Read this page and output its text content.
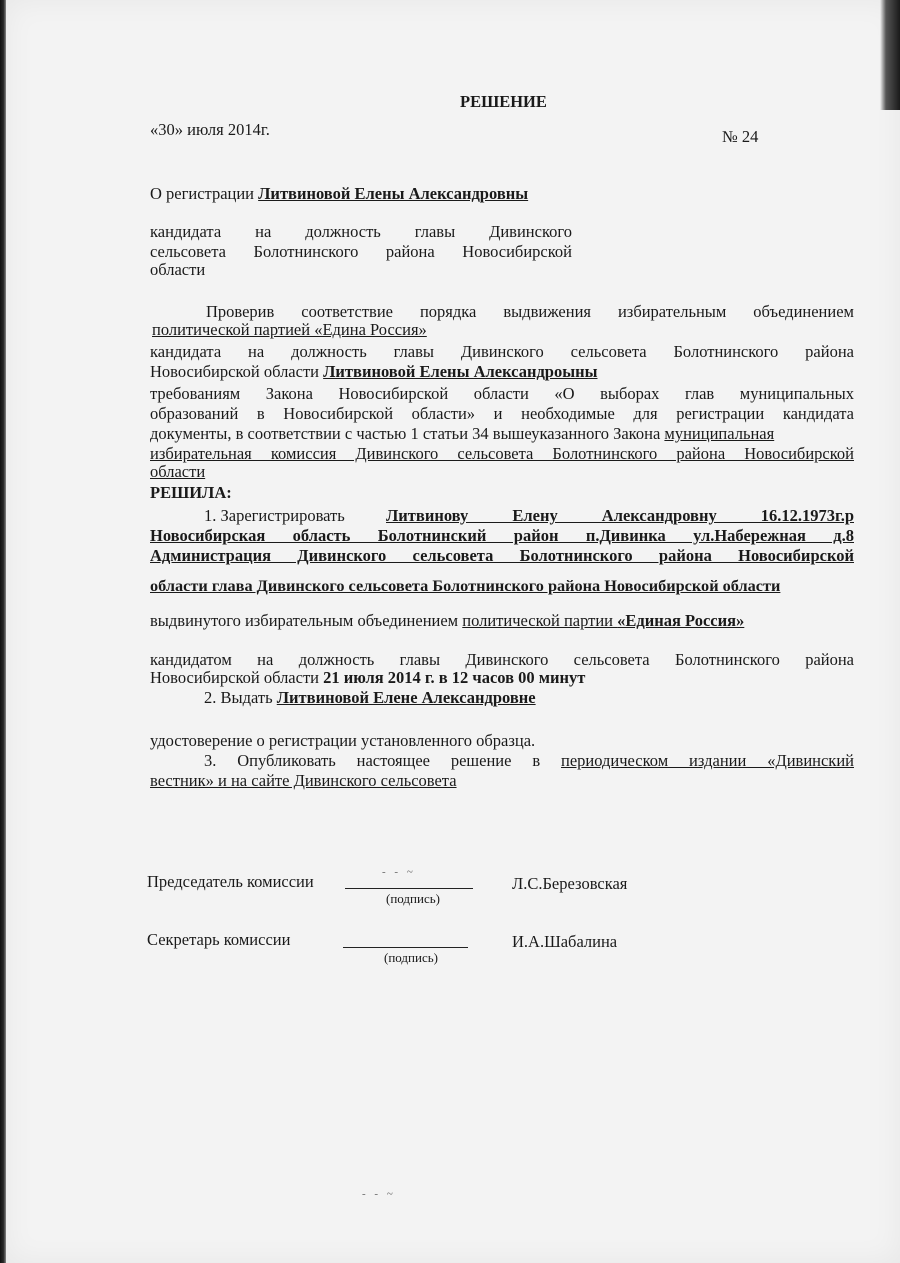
РЕШЕНИЕ
«30» июля 2014г.	№ 24
О регистрации Литвиновой Елены Александровны
кандидата на должность главы Дивинского
сельсовета Болотнинского района Новосибирской
области
Проверив соответствие порядка выдвижения избирательным объединением
политической партией «Едина Россия»
кандидата на должность главы Дивинского сельсовета Болотнинского района
Новосибирской области Литвиновой Елены Александроыны
требованиям Закона Новосибирской области «О выборах глав муниципальных
образований в Новосибирской области» и необходимые для регистрации кандидата
документы, в соответствии с частью 1 статьи 34 вышеуказанного Закона муниципальная
избирательная комиссия Дивинского сельсовета Болотнинского района Новосибирской
области
РЕШИЛА:
1. Зарегистрировать Литвинову Елену Александровну 16.12.1973г.р
Новосибирская область Болотнинский район п.Дивинка ул.Набережная д.8
Администрация Дивинского сельсовета Болотнинского района Новосибирской
области глава Дивинского сельсовета Болотнинского района Новосибирской области
выдвинутого избирательным объединением политической партии «Единая Россия»
кандидатом на должность главы Дивинского сельсовета Болотнинского района
Новосибирской области 21 июля 2014 г. в 12 часов 00 минут
2. Выдать Литвиновой Елене Александровне
удостоверение о регистрации установленного образца.
3. Опубликовать настоящее решение в периодическом издании «Дивинский
вестник» и на сайте Дивинского сельсовета
Председатель комиссии	- - ~
(подпись)
Л.С.Березовская
Секретарь комиссии
(подпись)
И.А.Шабалина
- - ~
